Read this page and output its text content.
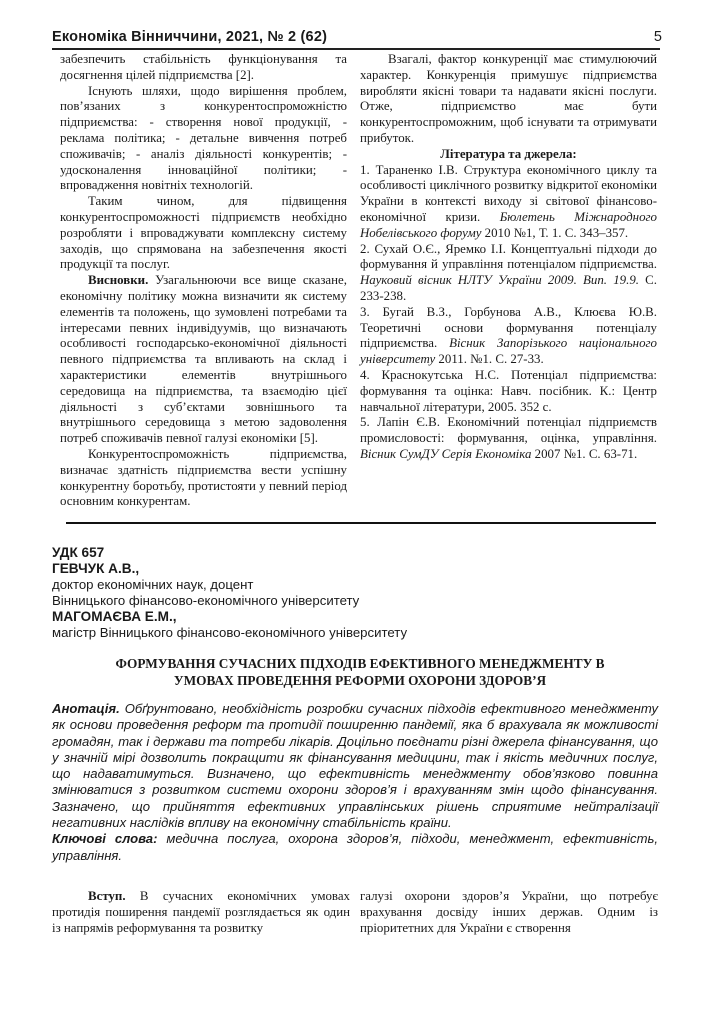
Економіка Вінниччини, 2021, № 2 (62)	5

забезпечить стабільність функціонування та досягнення цілей підприємства [2].

Існують шляхи, щодо вирішення проблем, пов’язаних з конкурентоспроможністю підприємства: - створення нової продукції, - реклама політика; - детальне вивчення потреб споживачів; - аналіз діяльності конкурентів; - удосконалення інноваційної політики; - впровадження новітніх технологій.

Таким чином, для підвищення конкурентоспроможності підприємств необхідно розробляти і впроваджувати комплексну систему заходів, що спрямована на забезпечення якості продукції та послуг.

Висновки. Узагальнюючи все вище сказане, економічну політику можна визначити як систему елементів та положень, що зумовлені потребами та інтересами певних індивідуумів, що визначають особливості господарсько-економічної діяльності певного підприємства та впливають на склад і характеристики елементів внутрішнього середовища на підприємства, та взаємодію цієї діяльності з суб’єктами зовнішнього та внутрішнього середовища з метою задоволення потреб споживачів певної галузі економіки [5].

Конкурентоспроможність підприємства, визначає здатність підприємства вести успішну конкурентну боротьбу, протистояти у певний період основним конкурентам.

Взагалі, фактор конкуренції має стимулюючий характер. Конкуренція примушує підприємства виробляти якісні товари та надавати якісні послуги. Отже, підприємство має бути конкурентоспроможним, щоб існувати та отримувати прибуток.

Література та джерела:

1. Тараненко І.В. Структура економічного циклу та особливості циклічного розвитку відкритої економіки України в контексті виходу зі світової фінансово-економічної кризи. Бюлетень Міжнародного Нобелівського форуму 2010 №1, Т. 1. С. 343–357.

2. Сухай О.Є., Яремко І.І. Концептуальні підходи до формування й управління потенціалом підприємства. Науковий вісник НЛТУ України 2009. Вип. 19.9. С. 233-238.

3. Бугай В.З., Горбунова А.В., Клюєва Ю.В. Теоретичні основи формування потенціалу підприємства. Вісник Запорізького національного університету 2011. №1. С. 27-33.

4. Краснокутська Н.С. Потенціал підприємства: формування та оцінка: Навч. посібник. К.: Центр навчальної літератури, 2005. 352 с.

5. Лапін Є.В. Економічний потенціал підприємств промисловості: формування, оцінка, управління. Вісник СумДУ Серія Економіка 2007 №1. С. 63-71.

УДК 657
ГЕВЧУК А.В.,
доктор економічних наук, доцент
Вінницького фінансово-економічного університету
МАГОМАЄВА Е.М.,
магістр Вінницького фінансово-економічного університету
ФОРМУВАННЯ СУЧАСНИХ ПІДХОДІВ ЕФЕКТИВНОГО МЕНЕДЖМЕНТУ В
УМОВАХ ПРОВЕДЕННЯ РЕФОРМИ ОХОРОНИ ЗДОРОВ’Я
Анотація. Обґрунтовано, необхідність розробки сучасних підходів ефективного менеджменту як основи проведення реформ та протидії поширенню пандемії, яка б врахувала як можливості громадян, так і держави та потреби лікарів. Доцільно поєднати різні джерела фінансування, що у значній мірі дозволить покращити як фінансування медицини, так і якість медичних послуг, що надаватимуться. Визначено, що ефективність менеджменту обов’язково повинна змінюватися з розвитком системи охорони здоров’я і врахуванням змін щодо фінансування. Зазначено, що прийняття ефективних управлінських рішень сприятиме нейтралізації негативних наслідків впливу на економічну стабільність країни.
Ключові слова: медична послуга, охорона здоров’я, підходи, менеджмент, ефективність, управління.

Вступ. В сучасних економічних умовах протидія поширення пандемії розглядається як один із напрямів реформування та розвитку

галузі охорони здоров’я України, що потребує врахування досвіду інших держав. Одним із пріоритетних для України є створення
